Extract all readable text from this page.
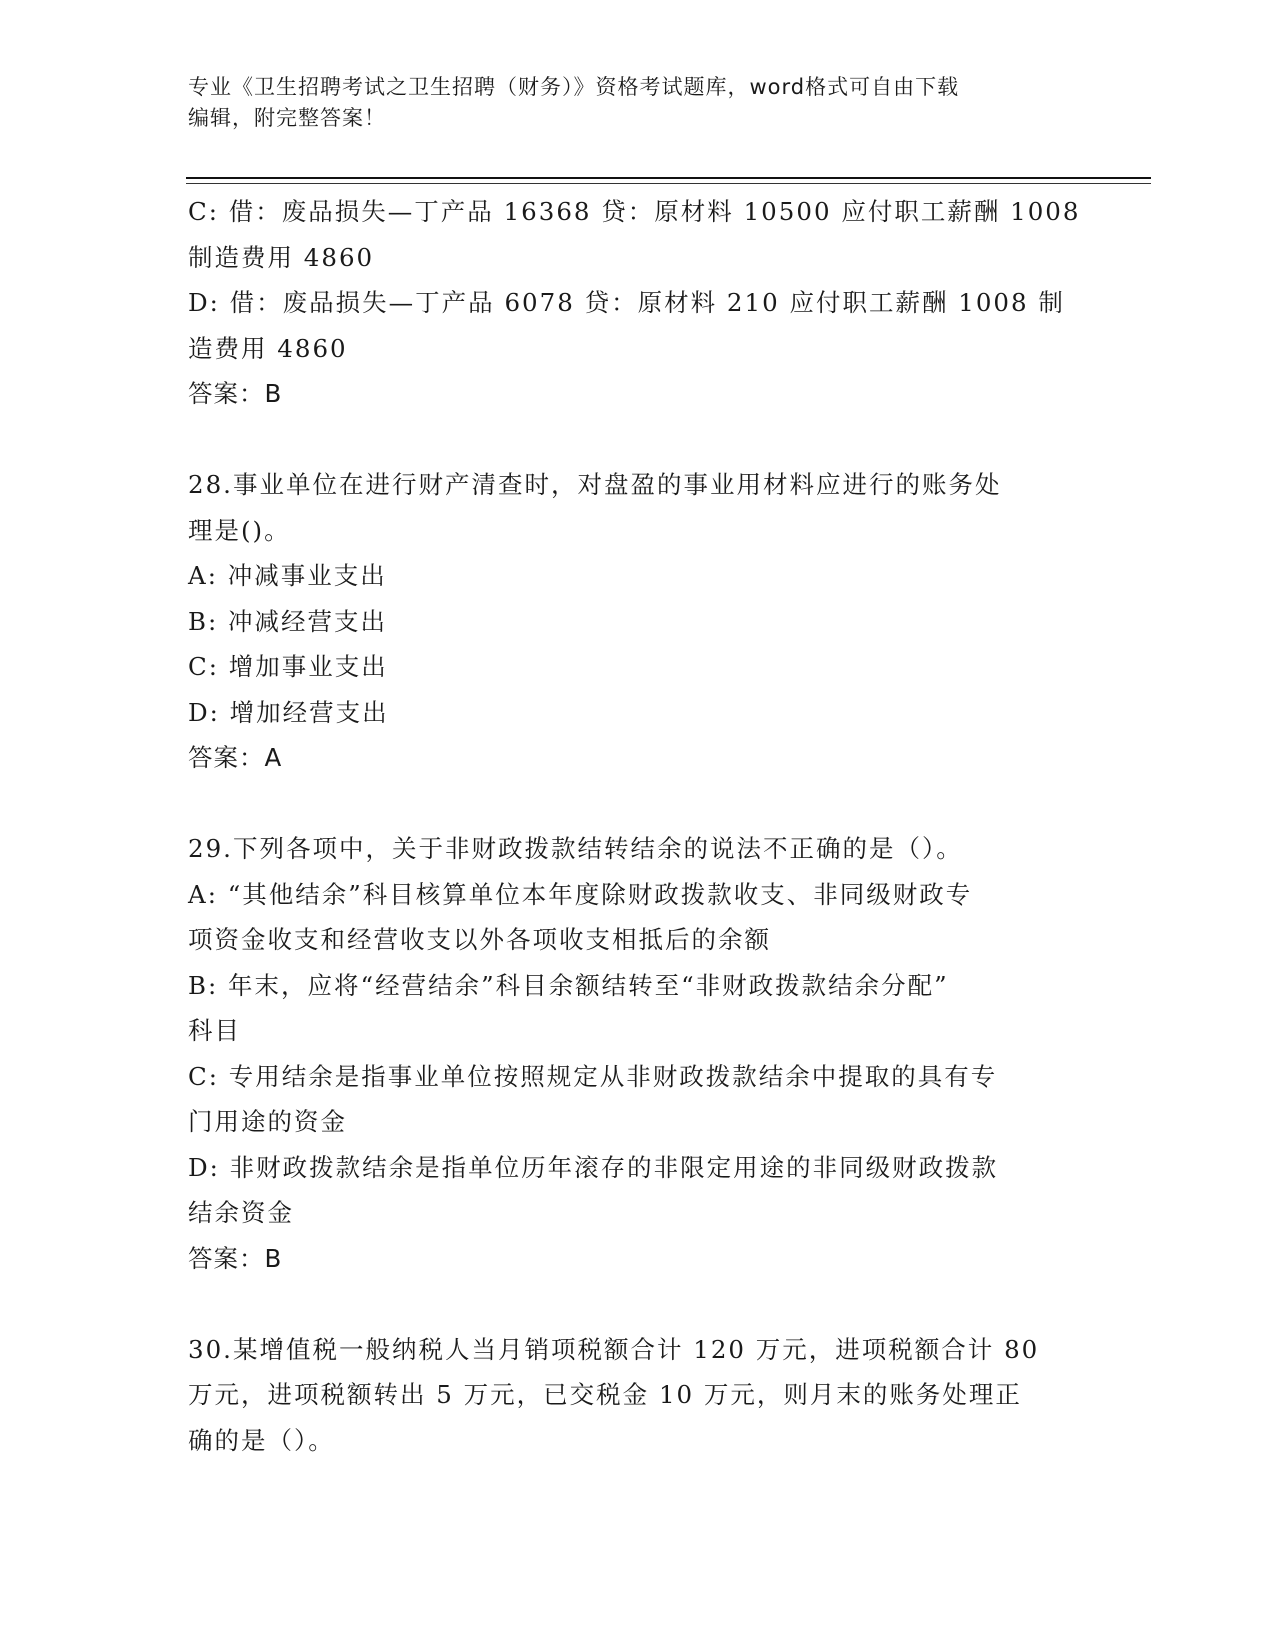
专业《卫生招聘考试之卫生招聘（财务）》资格考试题库，word格式可自由下载
编辑，附完整答案！
C: 借：废品损失—丁产品 16368 贷：原材料 10500 应付职工薪酬 1008
制造费用 4860
D: 借：废品损失—丁产品 6078 贷：原材料 210 应付职工薪酬 1008 制
造费用 4860
答案：B
28.事业单位在进行财产清查时，对盘盈的事业用材料应进行的账务处
理是()。
A: 冲减事业支出
B: 冲减经营支出
C: 增加事业支出
D: 增加经营支出
答案：A
29.下列各项中，关于非财政拨款结转结余的说法不正确的是（）。
A: “其他结余”科目核算单位本年度除财政拨款收支、非同级财政专
项资金收支和经营收支以外各项收支相抵后的余额
B: 年末，应将“经营结余”科目余额结转至“非财政拨款结余分配”
科目
C: 专用结余是指事业单位按照规定从非财政拨款结余中提取的具有专
门用途的资金
D: 非财政拨款结余是指单位历年滚存的非限定用途的非同级财政拨款
结余资金
答案：B
30.某增值税一般纳税人当月销项税额合计 120 万元，进项税额合计 80
万元，进项税额转出 5 万元，已交税金 10 万元，则月末的账务处理正
确的是（）。
